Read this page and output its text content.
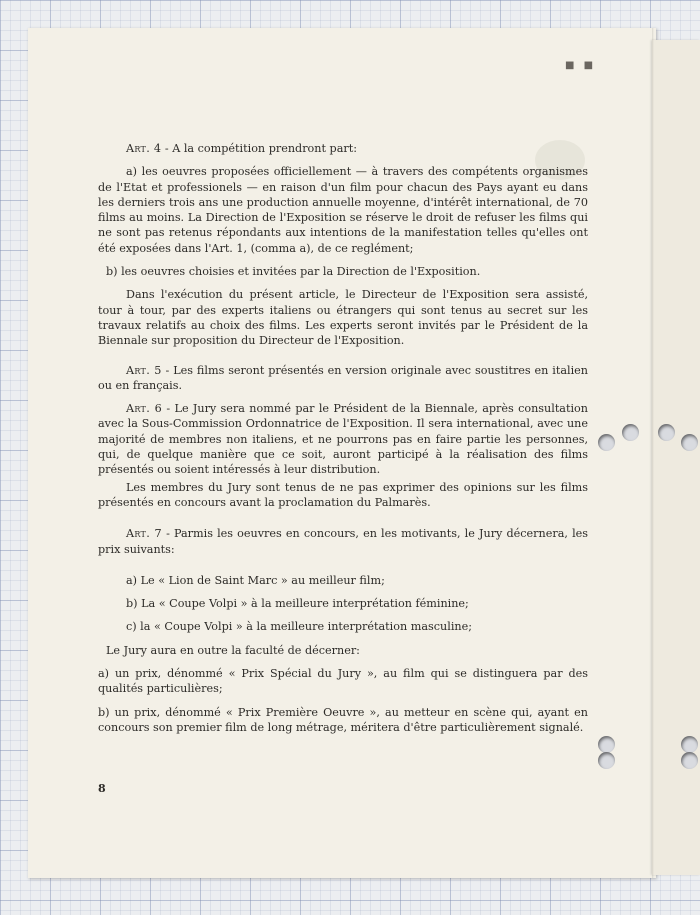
■ ■

Art. 4 - A la compétition prendront part:

a) les oeuvres proposées officiellement — à travers des compétents organismes de l'Etat et professionels — en raison d'un film pour chacun des Pays ayant eu dans les derniers trois ans une production annuelle moyenne, d'intérêt international, de 70 films au moins. La Direction de l'Exposition se réserve le droit de refuser les films qui ne sont pas retenus répondants aux intentions de la manifestation telles qu'elles ont été exposées dans l'Art. 1, (comma a), de ce reglément;

b) les oeuvres choisies et invitées par la Direction de l'Exposition.

Dans l'exécution du présent article, le Directeur de l'Exposition sera assisté, tour à tour, par des experts italiens ou étrangers qui sont tenus au secret sur les travaux relatifs au choix des films. Les experts seront invités par le Président de la Biennale sur proposition du Directeur de l'Exposition.

Art. 5 - Les films seront présentés en version originale avec soustitres en italien ou en français.

Art. 6 - Le Jury sera nommé par le Président de la Biennale, après consultation avec la Sous-Commission Ordonnatrice de l'Exposition. Il sera international, avec une majorité de membres non italiens, et ne pourrons pas en faire partie les personnes, qui, de quelque manière que ce soit, auront participé à la réalisation des films présentés ou soient intéressés à leur distribution.

Les membres du Jury sont tenus de ne pas exprimer des opinions sur les films présentés en concours avant la proclamation du Palmarès.

Art. 7 - Parmis les oeuvres en concours, en les motivants, le Jury décernera, les prix suivants:

a) Le « Lion de Saint Marc » au meilleur film;

b) La « Coupe Volpi » à la meilleure interprétation féminine;

c) la « Coupe Volpi » à la meilleure interprétation masculine;

Le Jury aura en outre la faculté de décerner:

a) un prix, dénommé « Prix Spécial du Jury », au film qui se distinguera par des qualités particulières;

b) un prix, dénommé « Prix Première Oeuvre », au metteur en scène qui, ayant en concours son premier film de long métrage, méritera d'être particulièrement signalé.

8
